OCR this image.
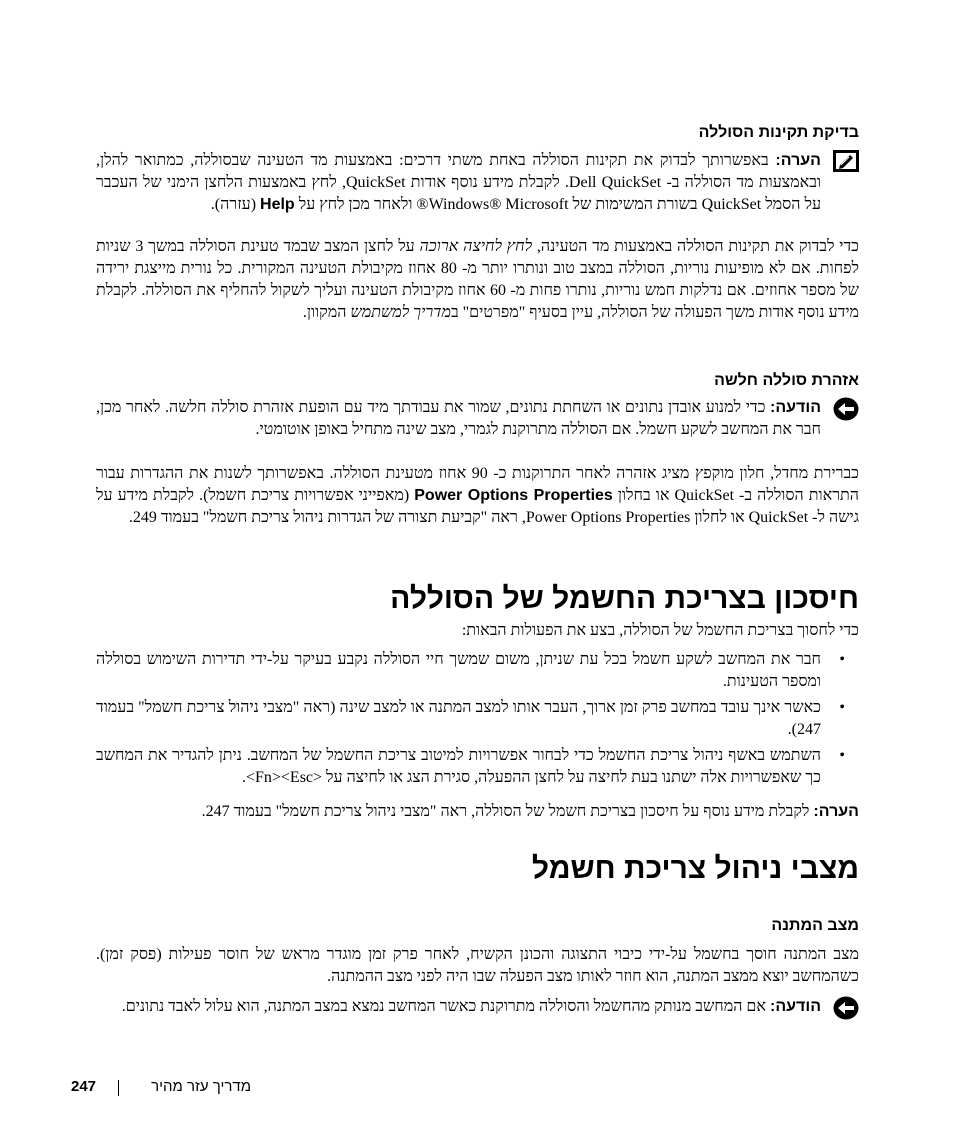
בדיקת תקינות הסוללה
הערה: באפשרותך לבדוק את תקינות הסוללה באחת משתי דרכים: באמצעות מד הטעינה שבסוללה, כמתואר להלן, ובאמצעות מד הסוללה ב- Dell QuickSet. לקבלת מידע נוסף אודות QuickSet, לחץ באמצעות הלחצן הימני של העכבר על הסמל QuickSet בשורת המשימות של Windows® Microsoft® ולאחר מכן לחץ על Help (עזרה).
כדי לבדוק את תקינות הסוללה באמצעות מד הטעינה, לחץ לחיצה ארוכה על לחצן המצב שבמד טעינת הסוללה במשך 3 שניות לפחות. אם לא מופיעות נוריות, הסוללה במצב טוב ונותרו יותר מ- 80 אחוז מקיבולת הטעינה המקורית. כל נורית מייצגת ירידה של מספר אחוזים. אם נדלקות חמש נוריות, נותרו פחות מ- 60 אחוז מקיבולת הטעינה ועליך לשקול להחליף את הסוללה. לקבלת מידע נוסף אודות משך הפעולה של הסוללה, עיין בסעיף "מפרטים" במדריך למשתמש המקוון.
אזהרת סוללה חלשה
הודעה: כדי למנוע אובדן נתונים או השחתת נתונים, שמור את עבודתך מיד עם הופעת אזהרת סוללה חלשה. לאחר מכן, חבר את המחשב לשקע חשמל. אם הסוללה מתרוקנת לגמרי, מצב שינה מתחיל באופן אוטומטי.
כברירת מחדל, חלון מוקפץ מציג אזהרה לאחר התרוקנות כ- 90 אחוז מטעינת הסוללה. באפשרותך לשנות את ההגדרות עבור התראות הסוללה ב- QuickSet או בחלון Power Options Properties (מאפייני אפשרויות צריכת חשמל). לקבלת מידע על גישה ל- QuickSet או לחלון Power Options Properties, ראה "קביעת תצורה של הגדרות ניהול צריכת חשמל" בעמוד 249.
חיסכון בצריכת החשמל של הסוללה
כדי לחסוך בצריכת החשמל של הסוללה, בצע את הפעולות הבאות:
•
חבר את המחשב לשקע חשמל בכל עת שניתן, משום שמשך חיי הסוללה נקבע בעיקר על-ידי תדירות השימוש בסוללה ומספר הטעינות.
•
כאשר אינך עובד במחשב פרק זמן ארוך, העבר אותו למצב המתנה או למצב שינה (ראה "מצבי ניהול צריכת חשמל" בעמוד 247).
•
השתמש באשף ניהול צריכת החשמל כדי לבחור אפשרויות למיטוב צריכת החשמל של המחשב. ניתן להגדיר את המחשב כך שאפשרויות אלה ישתנו בעת לחיצה על לחצן ההפעלה, סגירת הצג או לחיצה על <Fn><Esc>.
הערה: לקבלת מידע נוסף על חיסכון בצריכת חשמל של הסוללה, ראה "מצבי ניהול צריכת חשמל" בעמוד 247.
מצבי ניהול צריכת חשמל
מצב המתנה
מצב המתנה חוסך בחשמל על-ידי כיבוי התצוגה והכונן הקשיח, לאחר פרק זמן מוגדר מראש של חוסר פעילות (פסק זמן). כשהמחשב יוצא ממצב המתנה, הוא חוזר לאותו מצב הפעלה שבו היה לפני מצב ההמתנה.
הודעה: אם המחשב מנותק מהחשמל והסוללה מתרוקנת כאשר המחשב נמצא במצב המתנה, הוא עלול לאבד נתונים.
מדריך עזר מהיר
247
